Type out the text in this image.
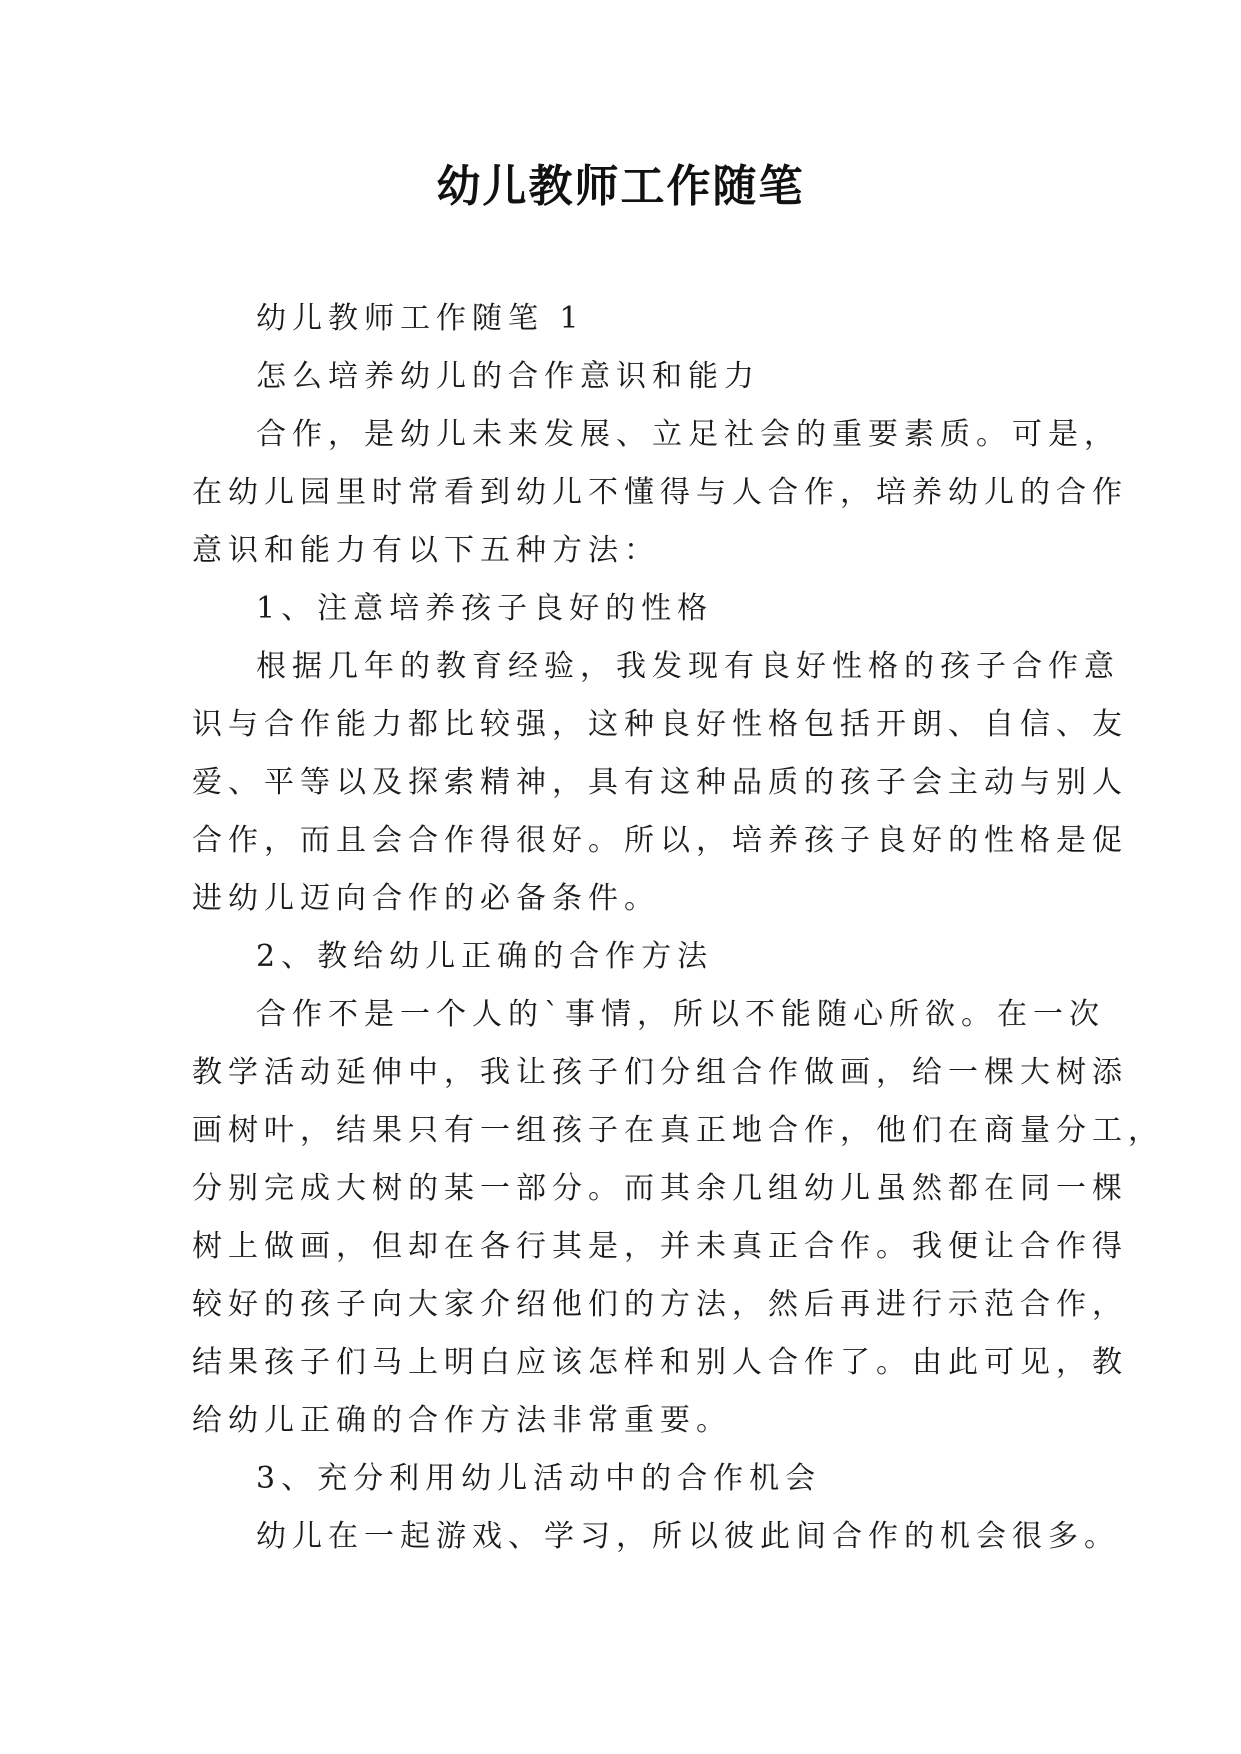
幼儿教师工作随笔
幼儿教师工作随笔 1
怎么培养幼儿的合作意识和能力
合作，是幼儿未来发展、立足社会的重要素质。可是，
在幼儿园里时常看到幼儿不懂得与人合作，培养幼儿的合作
意识和能力有以下五种方法：
1、注意培养孩子良好的性格
根据几年的教育经验，我发现有良好性格的孩子合作意
识与合作能力都比较强，这种良好性格包括开朗、自信、友
爱、平等以及探索精神，具有这种品质的孩子会主动与别人
合作，而且会合作得很好。所以，培养孩子良好的性格是促
进幼儿迈向合作的必备条件。
2、教给幼儿正确的合作方法
合作不是一个人的`事情，所以不能随心所欲。在一次
教学活动延伸中，我让孩子们分组合作做画，给一棵大树添
画树叶，结果只有一组孩子在真正地合作，他们在商量分工，
分别完成大树的某一部分。而其余几组幼儿虽然都在同一棵
树上做画，但却在各行其是，并未真正合作。我便让合作得
较好的孩子向大家介绍他们的方法，然后再进行示范合作，
结果孩子们马上明白应该怎样和别人合作了。由此可见，教
给幼儿正确的合作方法非常重要。
3、充分利用幼儿活动中的合作机会
幼儿在一起游戏、学习，所以彼此间合作的机会很多。
